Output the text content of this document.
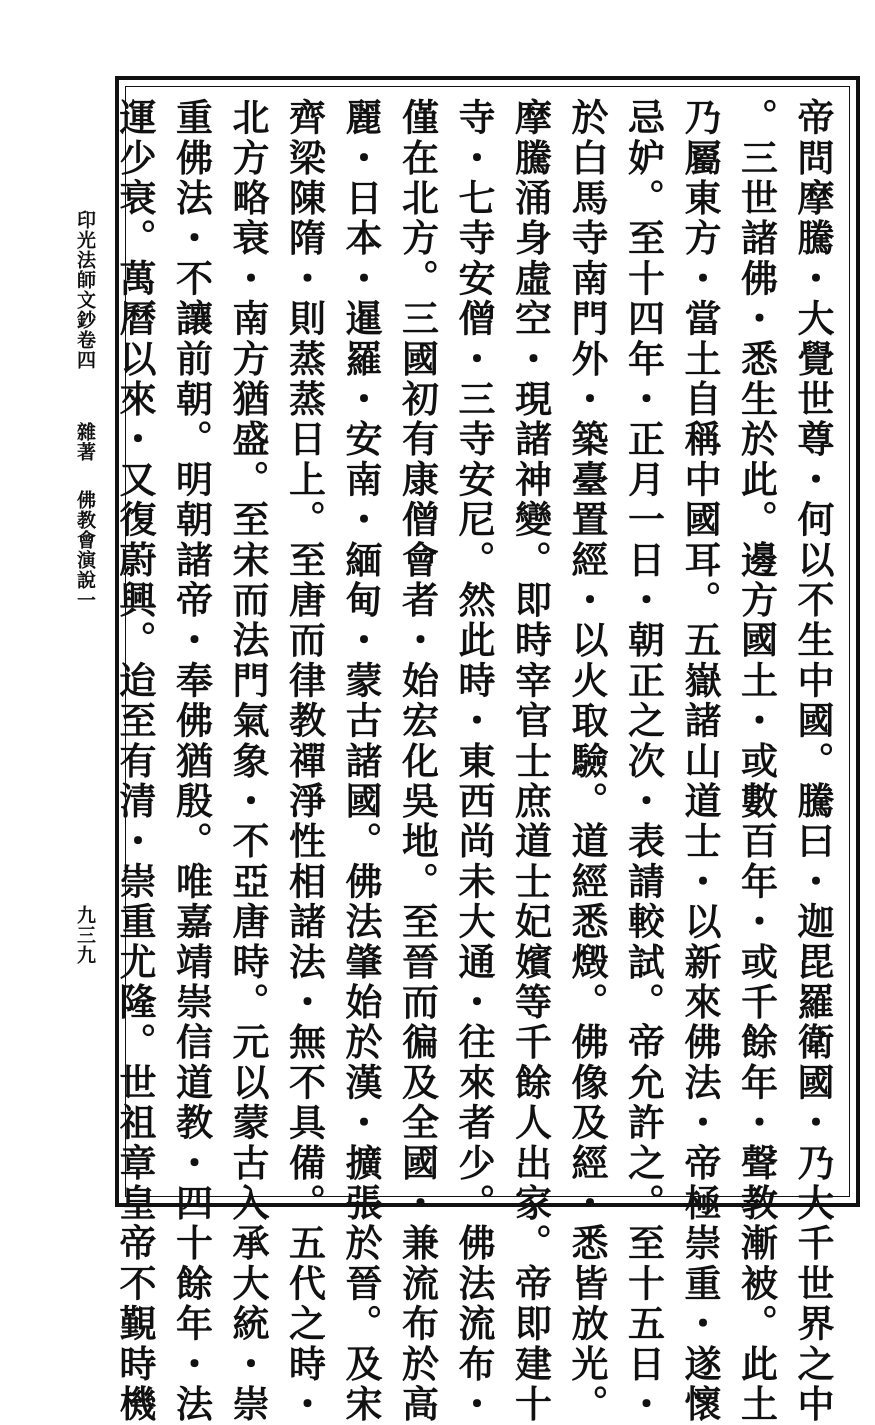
帝問摩騰・大覺世尊・何以不生中國。騰曰・迦毘羅衛國・乃大千世界之中
。三世諸佛・悉生於此。邊方國土・或數百年・或千餘年・聲教漸被。此土
乃屬東方・當土自稱中國耳。五嶽諸山道士・以新來佛法・帝極崇重・遂懷
忌妒。至十四年・正月一日・朝正之次・表請較試。帝允許之。至十五日・
於白馬寺南門外・築臺置經・以火取驗。道經悉燬。佛像及經・悉皆放光。
摩騰涌身虛空・現諸神變。即時宰官士庶道士妃嬪等千餘人出家。帝即建十
寺・七寺安僧・三寺安尼。然此時・東西尚未大通・往來者少。佛法流布・
僅在北方。三國初有康僧會者・始宏化吳地。至晉而徧及全國・兼流布於高
麗・日本・暹羅・安南・緬甸・蒙古諸國。佛法肇始於漢・擴張於晉。及宋
齊梁陳隋・則蒸蒸日上。至唐而律教禪淨性相諸法・無不具備。五代之時・
北方略衰・南方猶盛。至宋而法門氣象・不亞唐時。元以蒙古入承大統・崇
重佛法・不讓前朝。明朝諸帝・奉佛猶殷。唯嘉靖崇信道教・四十餘年・法
運少衰。萬曆以來・又復蔚興。迨至有清・崇重尤隆。世祖章皇帝不覲時機
印光法師文鈔卷四
雜著
佛教會演說一
九三九
